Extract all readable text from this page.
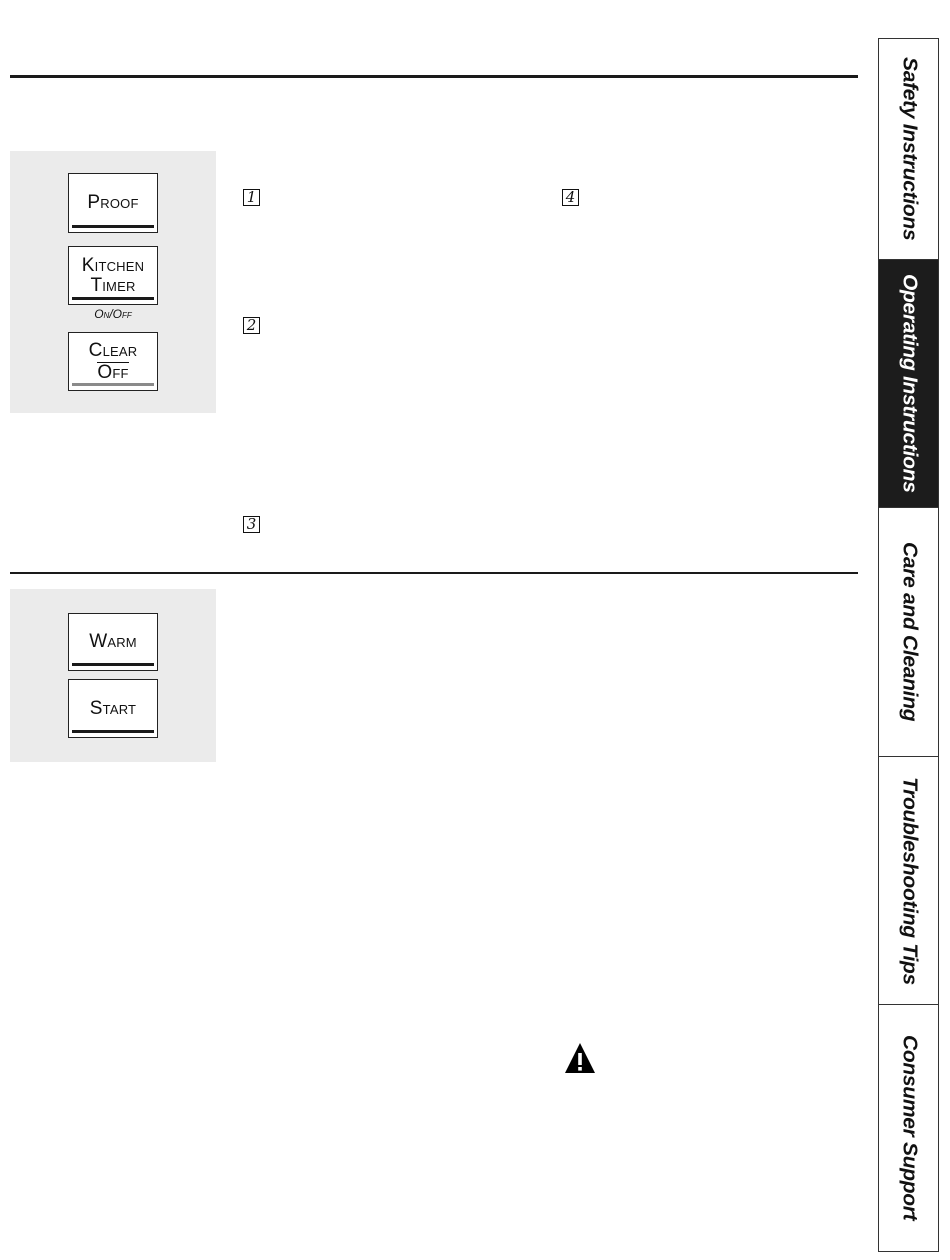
Proof
Kitchen
Timer
On/Off
Clear
Off
Warm
Start
1
2
3
4	Safety Instructions
Operating Instructions
Care and Cleaning
Troubleshooting Tips
Consumer Support
